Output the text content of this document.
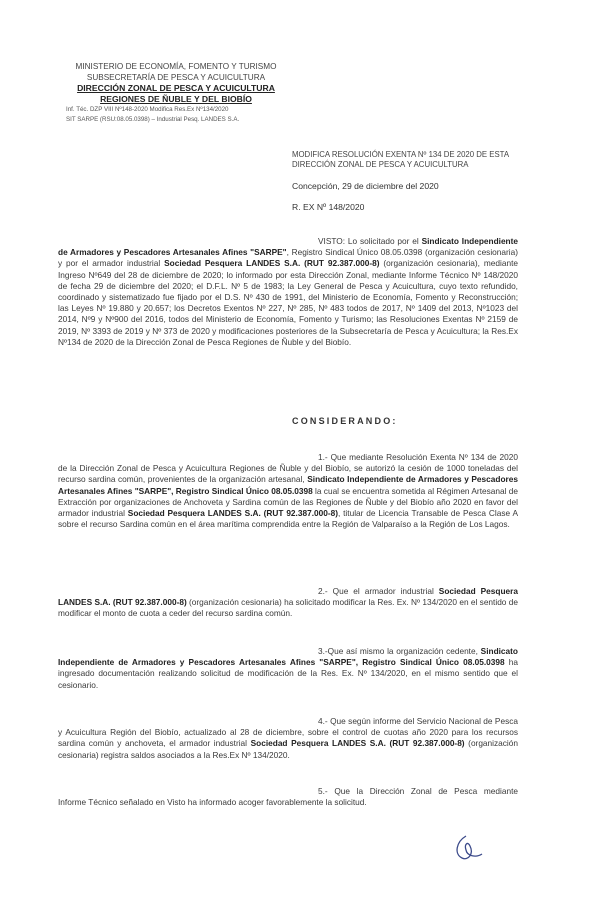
MINISTERIO DE ECONOMÍA, FOMENTO Y TURISMO
SUBSECRETARÍA DE PESCA Y ACUICULTURA
DIRECCIÓN ZONAL DE PESCA Y ACUICULTURA
REGIONES DE ÑUBLE Y DEL BIOBÍO
Inf. Téc. DZP VIII Nº148-2020 Modifica Res.Ex Nº134/2020
SIT SARPE (RSU:08.05.0398) – Industrial Pesq. LANDES S.A.
MODIFICA RESOLUCIÓN EXENTA Nº 134 DE 2020 DE ESTA DIRECCIÓN ZONAL DE PESCA Y ACUICULTURA
Concepción, 29 de diciembre del 2020
R. EX Nº 148/2020

VISTO: Lo solicitado por el Sindicato Independiente de Armadores y Pescadores Artesanales Afines "SARPE", Registro Sindical Único 08.05.0398 (organización cesionaria) y por el armador industrial Sociedad Pesquera LANDES S.A. (RUT 92.387.000-8) (organización cesionaria), mediante Ingreso Nº649 del 28 de diciembre de 2020; lo informado por esta Dirección Zonal, mediante Informe Técnico Nº 148/2020 de fecha 29 de diciembre del 2020; el D.F.L. Nº 5 de 1983; la Ley General de Pesca y Acuicultura, cuyo texto refundido, coordinado y sistematizado fue fijado por el D.S. Nº 430 de 1991, del Ministerio de Economía, Fomento y Reconstrucción; las Leyes Nº 19.880 y 20.657; los Decretos Exentos Nº 227, Nº 285, Nº 483 todos de 2017, Nº 1409 del 2013, Nº1023 del 2014, Nº9 y Nº900 del 2016, todos del Ministerio de Economía, Fomento y Turismo; las Resoluciones Exentas Nº 2159 de 2019, Nº 3393 de 2019 y Nº 373 de 2020 y modificaciones posteriores de la Subsecretaría de Pesca y Acuicultura; la Res.Ex Nº134 de 2020 de la Dirección Zonal de Pesca Regiones de Ñuble y del Biobío.

CONSIDERANDO:

1.- Que mediante Resolución Exenta Nº 134 de 2020 de la Dirección Zonal de Pesca y Acuicultura Regiones de Ñuble y del Biobío, se autorizó la cesión de 1000 toneladas del recurso sardina común, provenientes de la organización artesanal, Sindicato Independiente de Armadores y Pescadores Artesanales Afines "SARPE", Registro Sindical Único 08.05.0398 la cual se encuentra sometida al Régimen Artesanal de Extracción por organizaciones de Anchoveta y Sardina común de las Regiones de Ñuble y del Biobío año 2020 en favor del armador industrial Sociedad Pesquera LANDES S.A. (RUT 92.387.000-8), titular de Licencia Transable de Pesca Clase A sobre el recurso Sardina común en el área marítima comprendida entre la Región de Valparaíso a la Región de Los Lagos.

2.- Que el armador industrial Sociedad Pesquera LANDES S.A. (RUT 92.387.000-8) (organización cesionaria) ha solicitado modificar la Res. Ex. Nº 134/2020 en el sentido de modificar el monto de cuota a ceder del recurso sardina común.

3.-Que así mismo la organización cedente, Sindicato Independiente de Armadores y Pescadores Artesanales Afines "SARPE", Registro Sindical Único 08.05.0398 ha ingresado documentación realizando solicitud de modificación de la Res. Ex. Nº 134/2020, en el mismo sentido que el cesionario.

4.- Que según informe del Servicio Nacional de Pesca y Acuicultura Región del Biobío, actualizado al 28 de diciembre, sobre el control de cuotas año 2020 para los recursos sardina común y anchoveta, el armador industrial Sociedad Pesquera LANDES S.A. (RUT 92.387.000-8) (organización cesionaria) registra saldos asociados a la Res.Ex Nº 134/2020.

5.- Que la Dirección Zonal de Pesca mediante Informe Técnico señalado en Visto ha informado acoger favorablemente la solicitud.
